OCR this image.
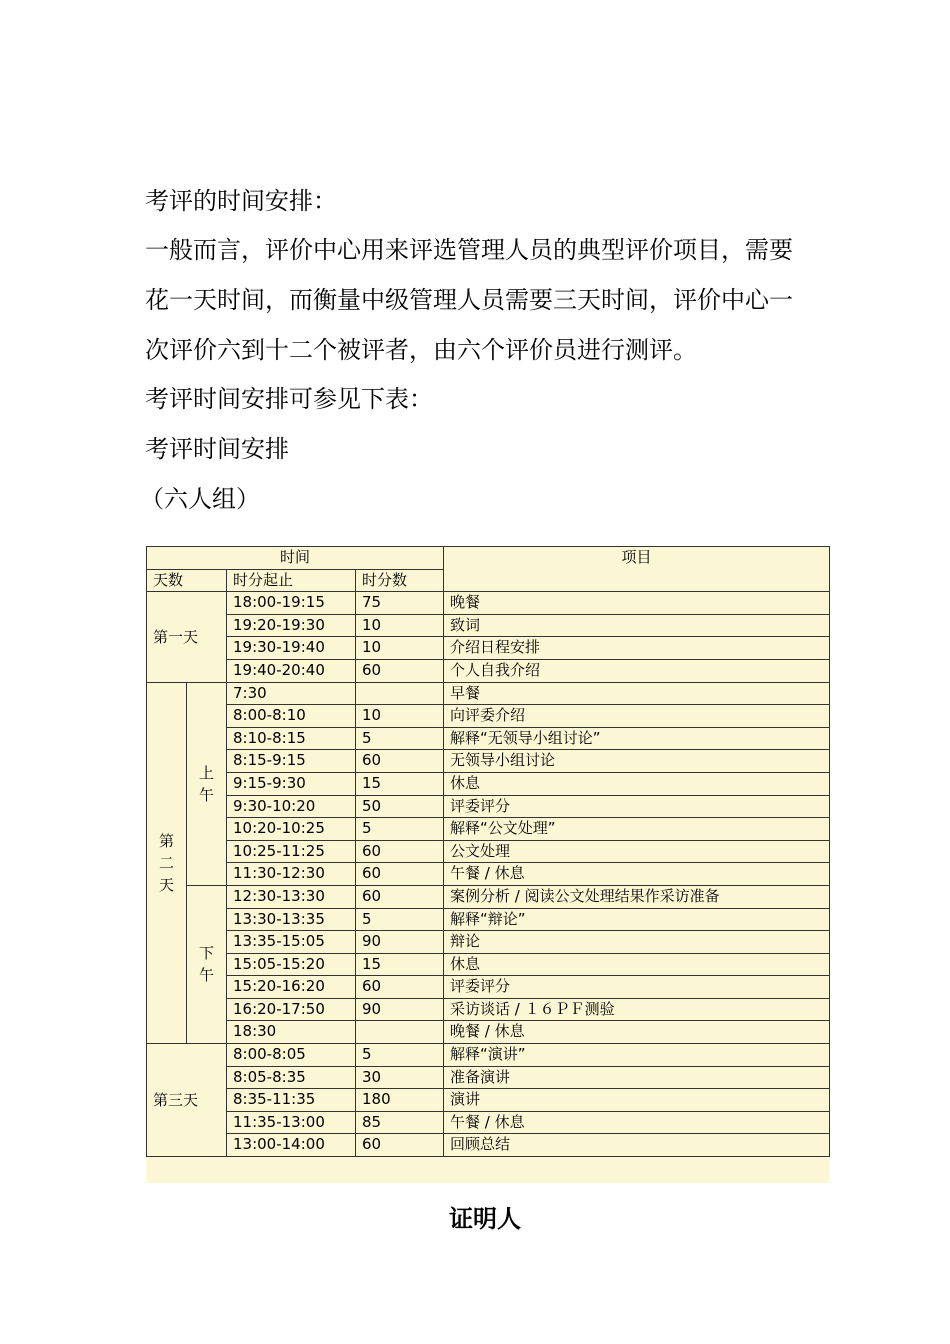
考评的时间安排：
一般而言，评价中心用来评选管理人员的典型评价项目，需要
花一天时间，而衡量中级管理人员需要三天时间，评价中心一
次评价六到十二个被评者，由六个评价员进行测评。
考评时间安排可参见下表：
考评时间安排
（六人组）
时间				项目
天数		时分起止	时分数	
第一天		18:00-19:15	75	晚餐
		19:20-19:30	10	致词
		19:30-19:40	10	介绍日程安排
		19:40-20:40	60	个人自我介绍
第二天	上午	7:30		早餐
		8:00-8:10	10	向评委介绍
		8:10-8:15	5	解释“无领导小组讨论”
		8:15-9:15	60	无领导小组讨论
		9:15-9:30	15	休息
		9:30-10:20	50	评委评分
		10:20-10:25	5	解释“公文处理”
		10:25-11:25	60	公文处理
		11:30-12:30	60	午餐 / 休息
	下午	12:30-13:30	60	案例分析 / 阅读公文处理结果作采访准备
		13:30-13:35	5	解释“辩论”
		13:35-15:05	90	辩论
		15:05-15:20	15	休息
		15:20-16:20	60	评委评分
		16:20-17:50	90	采访谈话 / １６ＰＦ测验
		18:30		晚餐 / 休息
第三天		8:00-8:05	5	解释“演讲”
		8:05-8:35	30	准备演讲
		8:35-11:35	180	演讲
		11:35-13:00	85	午餐 / 休息
		13:00-14:00	60	回顾总结
证明人
